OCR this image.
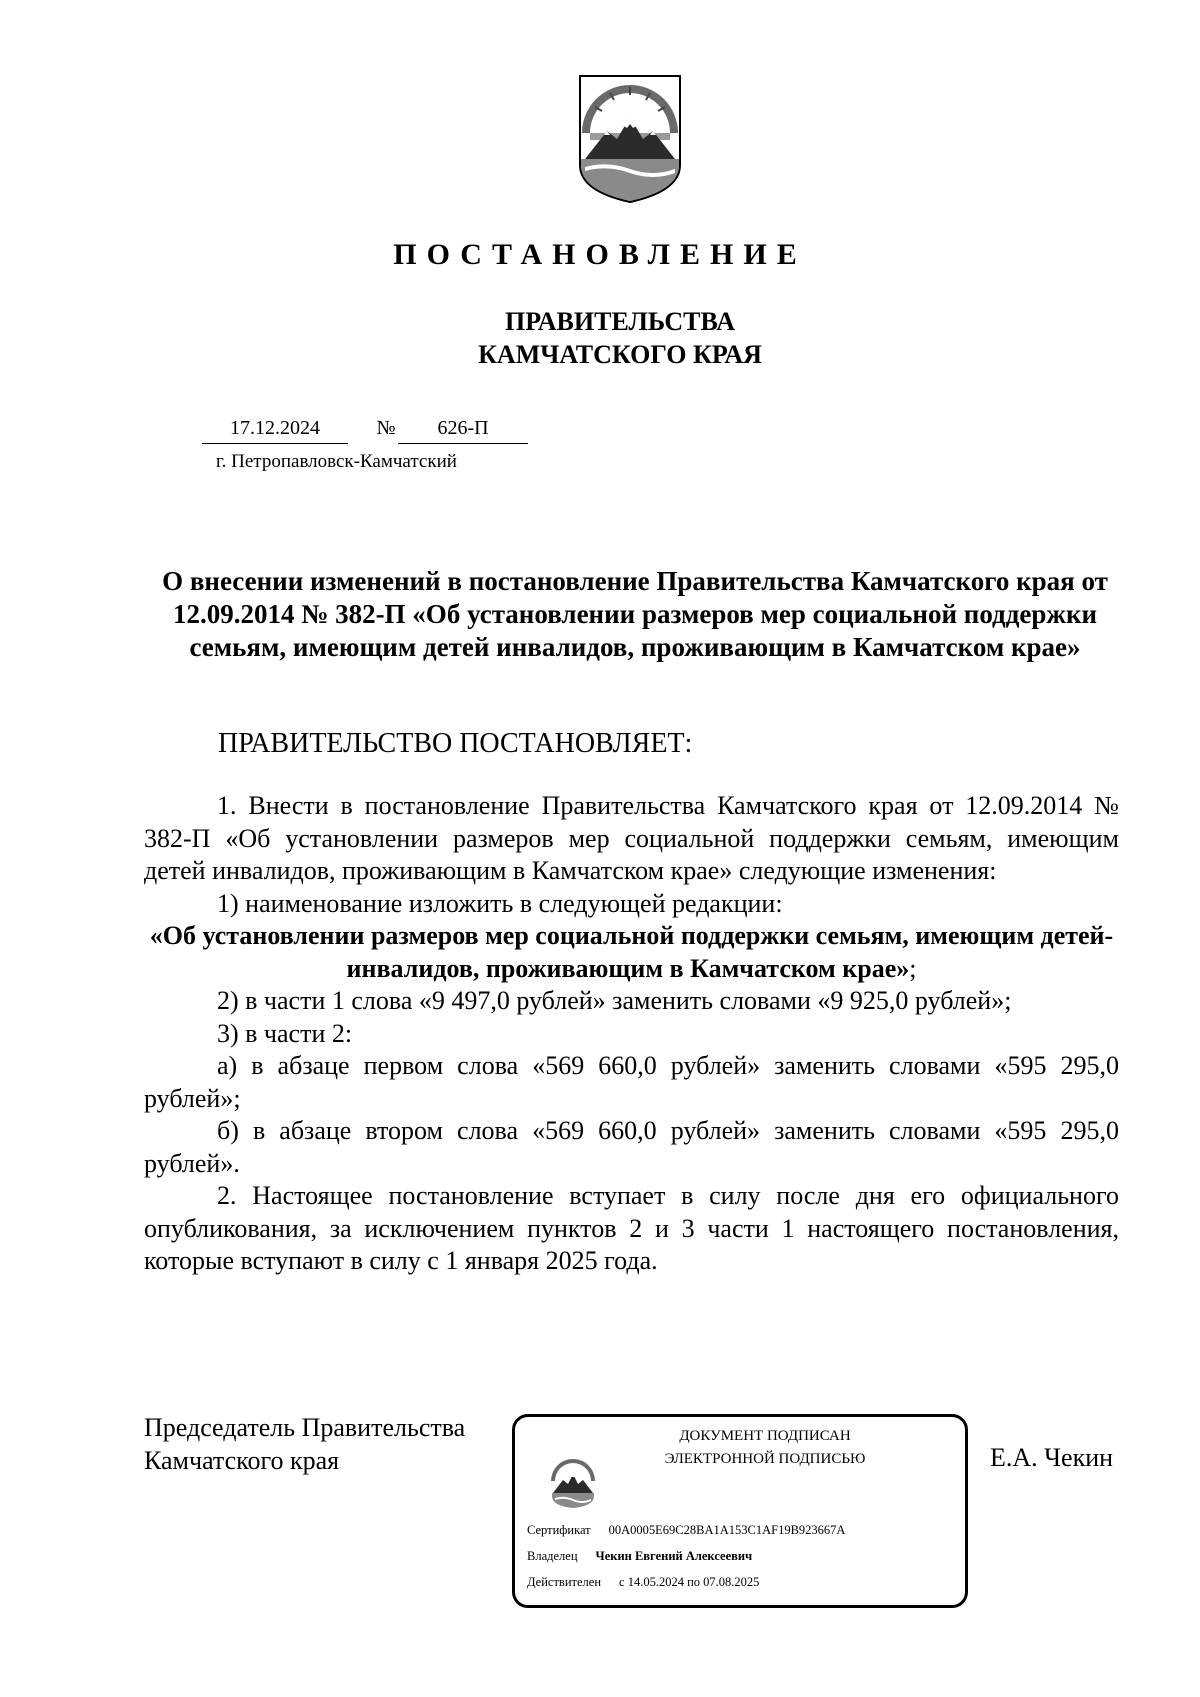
ПОСТАНОВЛЕНИЕ
ПРАВИТЕЛЬСТВА
КАМЧАТСКОГО КРАЯ
17.12.2024	№	626-П
г. Петропавловск-Камчатский
О внесении изменений в постановление Правительства Камчатского края от 12.09.2014 № 382-П «Об установлении размеров мер социальной поддержки семьям, имеющим детей инвалидов, проживающим в Камчатском крае»
ПРАВИТЕЛЬСТВО ПОСТАНОВЛЯЕТ:

1. Внести в постановление Правительства Камчатского края от 12.09.2014 № 382-П «Об установлении размеров мер социальной поддержки семьям, имеющим детей инвалидов, проживающим в Камчатском крае» следующие изменения:

1) наименование изложить в следующей редакции:

«Об установлении размеров мер социальной поддержки семьям, имеющим детей-инвалидов, проживающим в Камчатском крае»;

2) в части 1 слова «9 497,0 рублей» заменить словами «9 925,0 рублей»;

3) в части 2:

а) в абзаце первом слова «569 660,0 рублей» заменить словами «595 295,0 рублей»;

б) в абзаце втором слова «569 660,0 рублей» заменить словами «595 295,0 рублей».

2. Настоящее постановление вступает в силу после дня его официального опубликования, за исключением пунктов 2 и 3 части 1 настоящего постановления, которые вступают в силу с 1 января 2025 года.

Председатель Правительства
Камчатского края
ДОКУМЕНТ ПОДПИСАН
ЭЛЕКТРОННОЙ ПОДПИСЬЮ
Сертификат 00A0005E69C28BA1A153C1AF19B923667A
Владелец Чекин Евгений Алексеевич
Действителен с 14.05.2024 по 07.08.2025
Е.А. Чекин
